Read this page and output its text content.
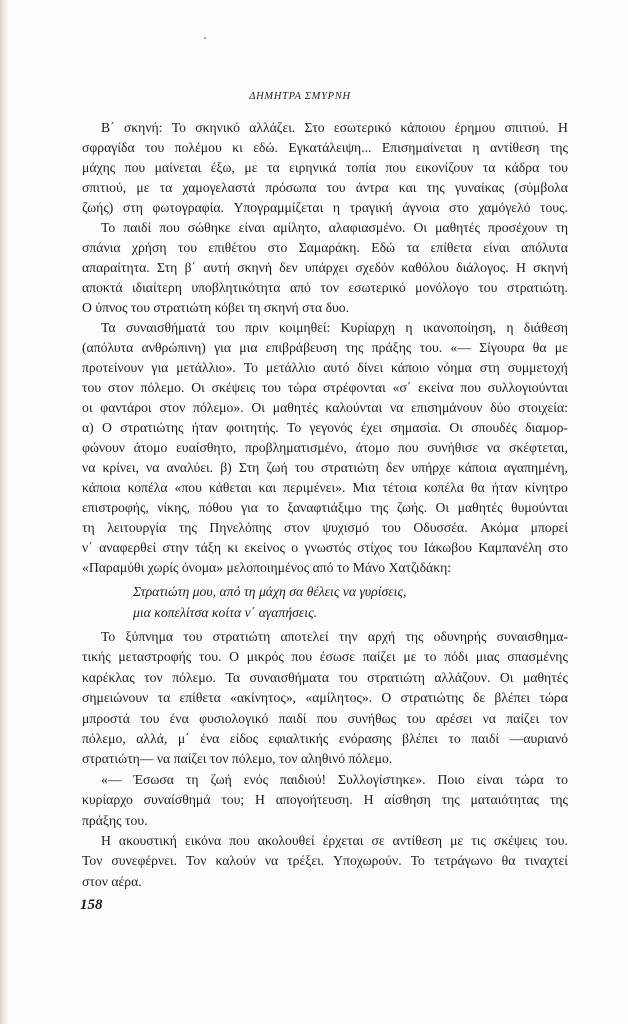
ΔΗΜΗΤΡΑ ΣΜΥΡΝΗ
Β΄ σκηνή: Το σκηνικό αλλάζει. Στο εσωτερικό κάποιου έρημου σπιτιού. Η
σφραγίδα του πολέμου κι εδώ. Εγκατάλειψη... Επισημαίνεται η αντίθεση της
μάχης που μαίνεται έξω, με τα ειρηνικά τοπία που εικονίζουν τα κάδρα του
σπιτιού, με τα χαμογελαστά πρόσωπα του άντρα και της γυναίκας (σύμβολα
ζωής) στη φωτογραφία. Υπογραμμίζεται η τραγική άγνοια στο χαμόγελό τους.
Το παιδί που σώθηκε είναι αμίλητο, αλαφιασμένο. Οι μαθητές προσέχουν τη
σπάνια χρήση του επιθέτου στο Σαμαράκη. Εδώ τα επίθετα είναι απόλυτα
απαραίτητα. Στη β΄ αυτή σκηνή δεν υπάρχει σχεδόν καθόλου διάλογος. Η σκηνή
αποκτά ιδιαίτερη υποβλητικότητα από τον εσωτερικό μονόλογο του στρατιώτη.
Ο ύπνος του στρατιώτη κόβει τη σκηνή στα δυο.
Τα συναισθήματά του πριν κοιμηθεί: Κυρίαρχη η ικανοποίηση, η διάθεση
(απόλυτα ανθρώπινη) για μια επιβράβευση της πράξης του. «— Σίγουρα θα με
προτείνουν για μετάλλιο». Το μετάλλιο αυτό δίνει κάποιο νόημα στη συμμετοχή
του στον πόλεμο. Οι σκέψεις του τώρα στρέφονται «σ΄ εκείνα που συλλογιούνται
οι φαντάροι στον πόλεμο». Οι μαθητές καλούνται να επισημάνουν δύο στοιχεία:
α) Ο στρατιώτης ήταν φοιτητής. Το γεγονός έχει σημασία. Οι σπουδές διαμορ-
φώνουν άτομο ευαίσθητο, προβληματισμένο, άτομο που συνήθισε να σκέφτεται,
να κρίνει, να αναλύει. β) Στη ζωή του στρατιώτη δεν υπήρχε κάποια αγαπημένη,
κάποια κοπέλα «που κάθεται και περιμένει». Μια τέτοια κοπέλα θα ήταν κίνητρο
επιστροφής, νίκης, πόθου για το ξαναφτιάξιμο της ζωής. Οι μαθητές θυμούνται
τη λειτουργία της Πηνελόπης στον ψυχισμό του Οδυσσέα. Ακόμα μπορεί
ν΄ αναφερθεί στην τάξη κι εκείνος ο γνωστός στίχος του Ιάκωβου Καμπανέλη στο
«Παραμύθι χωρίς όνομα» μελοποιημένος από το Μάνο Χατζιδάκη:
Στρατιώτη μου, από τη μάχη σα θέλεις να γυρίσεις,
μια κοπελίτσα κοίτα ν΄ αγαπήσεις.
Το ξύπνημα του στρατιώτη αποτελεί την αρχή της οδυνηρής συναισθημα-
τικής μεταστροφής του. Ο μικρός που έσωσε παίζει με το πόδι μιας σπασμένης
καρέκλας τον πόλεμο. Τα συναισθήματα του στρατιώτη αλλάζουν. Οι μαθητές
σημειώνουν τα επίθετα «ακίνητος», «αμίλητος». Ο στρατιώτης δε βλέπει τώρα
μπροστά του ένα φυσιολογικό παιδί που συνήθως του αρέσει να παίζει τον
πόλεμο, αλλά, μ΄ ένα είδος εφιαλτικής ενόρασης βλέπει το παιδί —αυριανό
στρατιώτη— να παίζει τον πόλεμο, τον αληθινό πόλεμο.
«— Έσωσα τη ζωή ενός παιδιού! Συλλογίστηκε». Ποιο είναι τώρα το
κυρίαρχο συναίσθημά του; Η απογοήτευση. Η αίσθηση της ματαιότητας της
πράξης του.
Η ακουστική εικόνα που ακολουθεί έρχεται σε αντίθεση με τις σκέψεις του.
Τον συνεφέρνει. Τον καλούν να τρέξει. Υποχωρούν. Το τετράγωνο θα τιναχτεί
στον αέρα.
158
